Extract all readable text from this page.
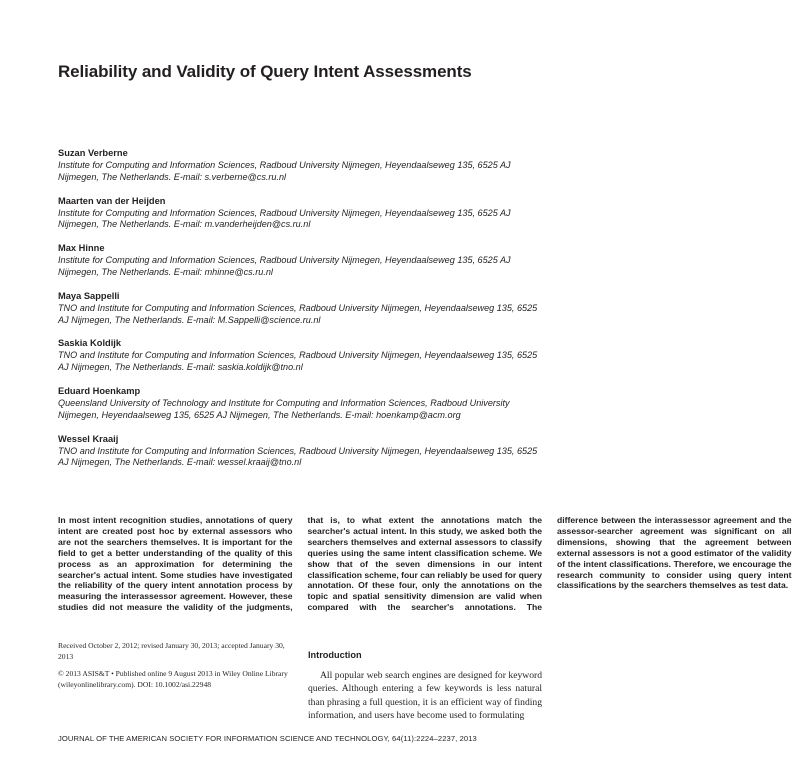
Reliability and Validity of Query Intent Assessments
Suzan Verberne
Institute for Computing and Information Sciences, Radboud University Nijmegen, Heyendaalseweg 135, 6525 AJ Nijmegen, The Netherlands. E-mail: s.verberne@cs.ru.nl
Maarten van der Heijden
Institute for Computing and Information Sciences, Radboud University Nijmegen, Heyendaalseweg 135, 6525 AJ Nijmegen, The Netherlands. E-mail: m.vanderheijden@cs.ru.nl
Max Hinne
Institute for Computing and Information Sciences, Radboud University Nijmegen, Heyendaalseweg 135, 6525 AJ Nijmegen, The Netherlands. E-mail: mhinne@cs.ru.nl
Maya Sappelli
TNO and Institute for Computing and Information Sciences, Radboud University Nijmegen, Heyendaalseweg 135, 6525 AJ Nijmegen, The Netherlands. E-mail: M.Sappelli@science.ru.nl
Saskia Koldijk
TNO and Institute for Computing and Information Sciences, Radboud University Nijmegen, Heyendaalseweg 135, 6525 AJ Nijmegen, The Netherlands. E-mail: saskia.koldijk@tno.nl
Eduard Hoenkamp
Queensland University of Technology and Institute for Computing and Information Sciences, Radboud University Nijmegen, Heyendaalseweg 135, 6525 AJ Nijmegen, The Netherlands. E-mail: hoenkamp@acm.org
Wessel Kraaij
TNO and Institute for Computing and Information Sciences, Radboud University Nijmegen, Heyendaalseweg 135, 6525 AJ Nijmegen, The Netherlands. E-mail: wessel.kraaij@tno.nl
In most intent recognition studies, annotations of query intent are created post hoc by external assessors who are not the searchers themselves. It is important for the field to get a better understanding of the quality of this process as an approximation for determining the searcher's actual intent. Some studies have investigated the reliability of the query intent annotation process by measuring the interassessor agreement. However, these studies did not measure the validity of the judgments, that is, to what extent the annotations match the searcher's actual intent. In this study, we asked both the searchers themselves and external assessors to classify queries using the same intent classification scheme. We show that of the seven dimensions in our intent classification scheme, four can reliably be used for query annotation. Of these four, only the annotations on the topic and spatial sensitivity dimension are valid when compared with the searcher's annotations. The difference between the interassessor agreement and the assessor-searcher agreement was significant on all dimensions, showing that the agreement between external assessors is not a good estimator of the validity of the intent classifications. Therefore, we encourage the research community to consider using query intent classifications by the searchers themselves as test data.

Received October 2, 2012; revised January 30, 2013; accepted January 30, 2013

© 2013 ASIS&T • Published online 9 August 2013 in Wiley Online Library (wileyonlinelibrary.com). DOI: 10.1002/asi.22948

Introduction
All popular web search engines are designed for keyword queries. Although entering a few keywords is less natural than phrasing a full question, it is an efficient way of finding information, and users have become used to formulating
JOURNAL OF THE AMERICAN SOCIETY FOR INFORMATION SCIENCE AND TECHNOLOGY, 64(11):2224–2237, 2013
